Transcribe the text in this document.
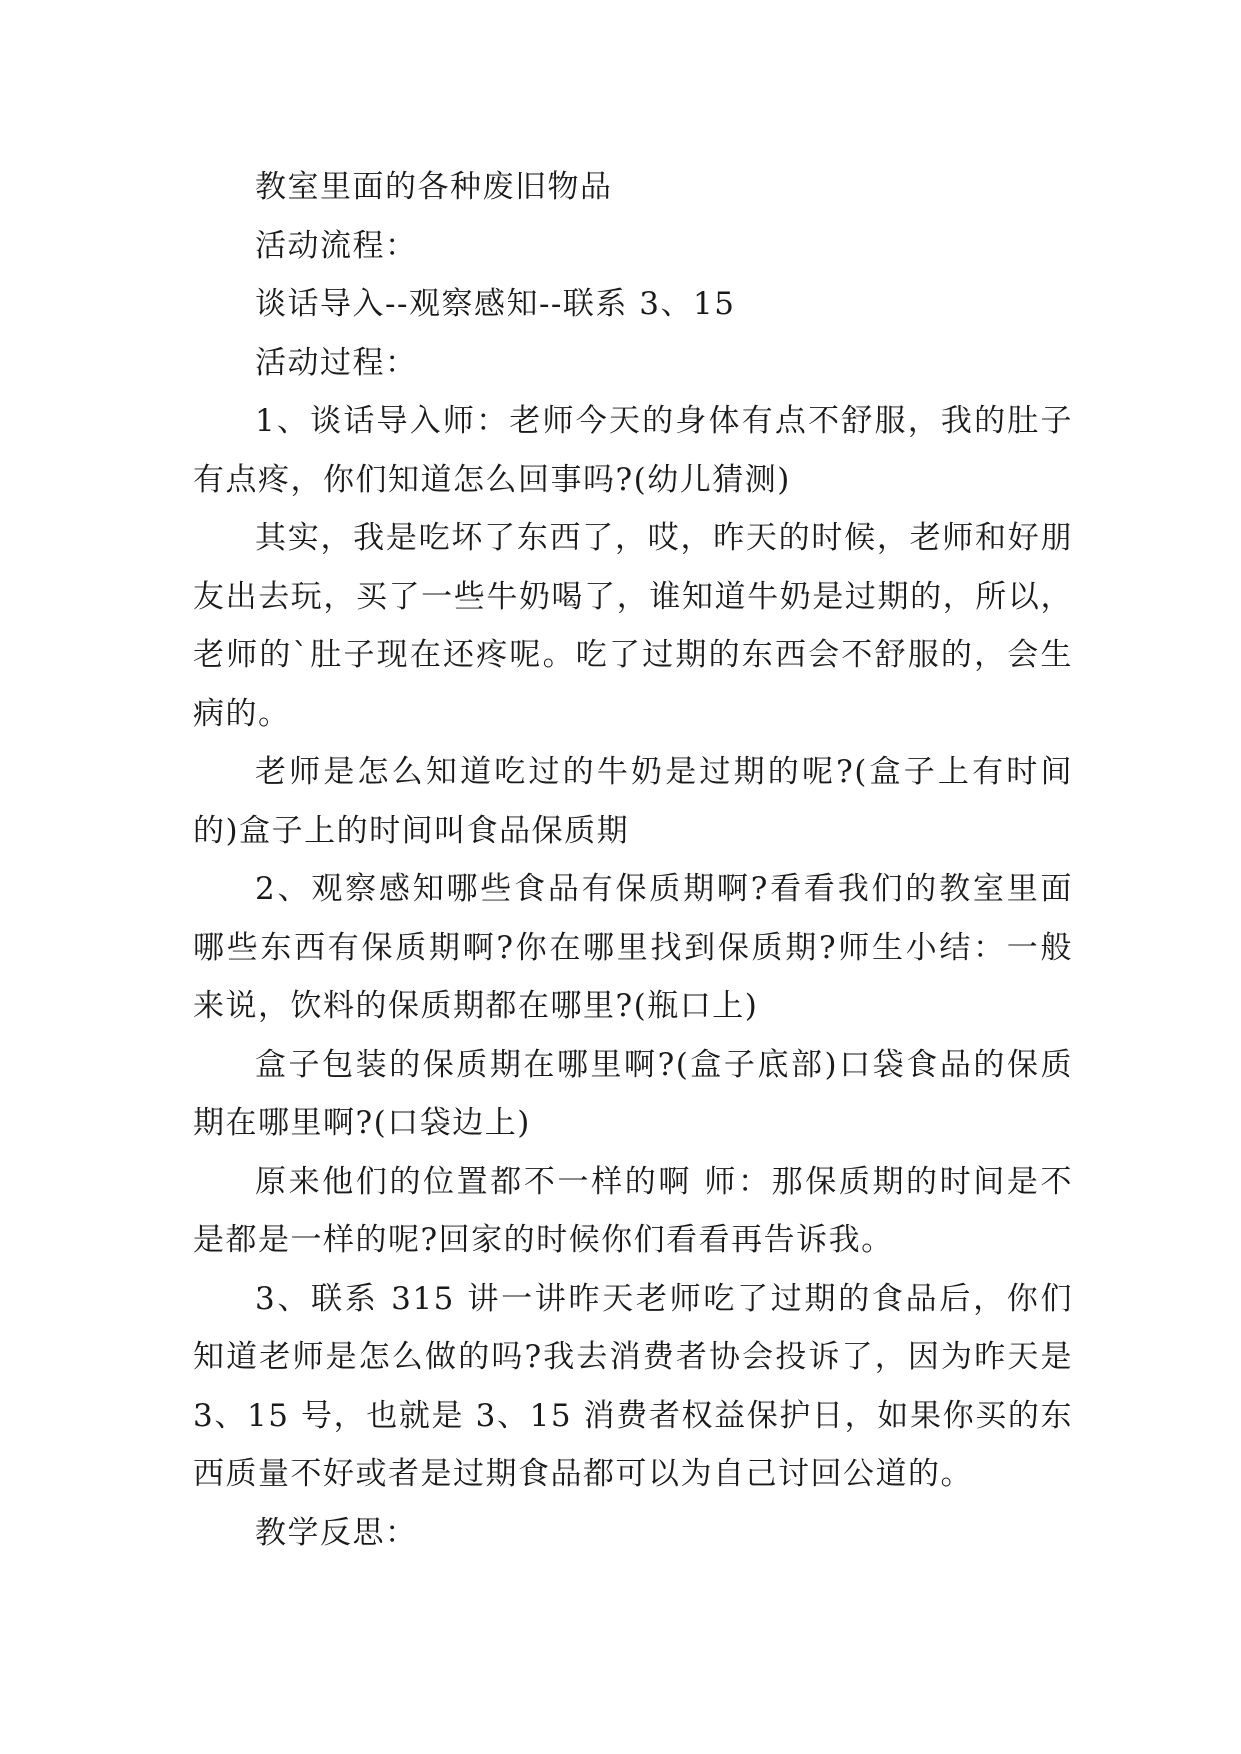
教室里面的各种废旧物品

活动流程：

谈话导入--观察感知--联系 3、15

活动过程：

1、谈话导入师：老师今天的身体有点不舒服，我的肚子有点疼，你们知道怎么回事吗?(幼儿猜测)

其实，我是吃坏了东西了，哎，昨天的时候，老师和好朋友出去玩，买了一些牛奶喝了，谁知道牛奶是过期的，所以，老师的`肚子现在还疼呢。吃了过期的东西会不舒服的，会生病的。

老师是怎么知道吃过的牛奶是过期的呢?(盒子上有时间的)盒子上的时间叫食品保质期

2、观察感知哪些食品有保质期啊?看看我们的教室里面哪些东西有保质期啊?你在哪里找到保质期?师生小结：一般来说，饮料的保质期都在哪里?(瓶口上)

盒子包装的保质期在哪里啊?(盒子底部)口袋食品的保质期在哪里啊?(口袋边上)

原来他们的位置都不一样的啊 师：那保质期的时间是不是都是一样的呢?回家的时候你们看看再告诉我。

3、联系 315 讲一讲昨天老师吃了过期的食品后，你们知道老师是怎么做的吗?我去消费者协会投诉了，因为昨天是 3、15 号，也就是 3、15 消费者权益保护日，如果你买的东西质量不好或者是过期食品都可以为自己讨回公道的。

教学反思：
